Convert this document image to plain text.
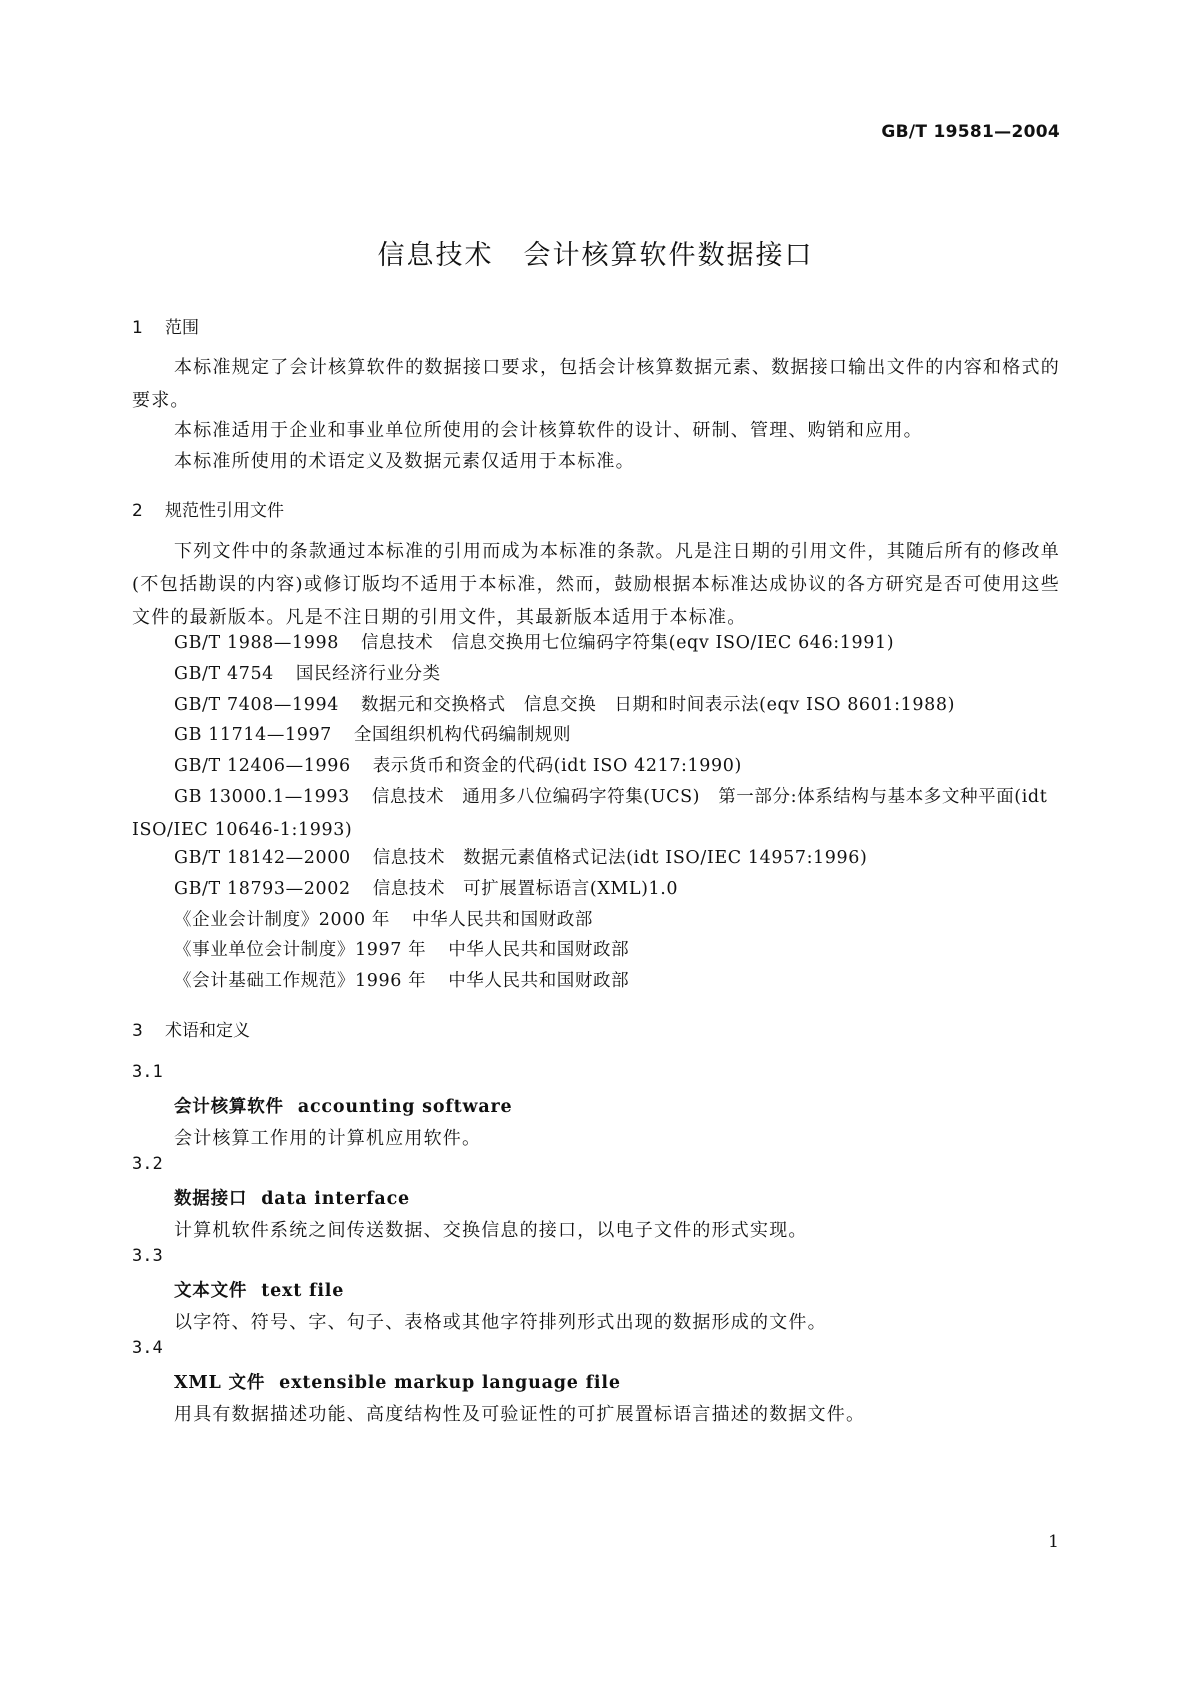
GB/T 19581—2004
信息技术 会计核算软件数据接口
1 范围
本标准规定了会计核算软件的数据接口要求，包括会计核算数据元素、数据接口输出文件的内容和格式的要求。
本标准适用于企业和事业单位所使用的会计核算软件的设计、研制、管理、购销和应用。
本标准所使用的术语定义及数据元素仅适用于本标准。
2 规范性引用文件
下列文件中的条款通过本标准的引用而成为本标准的条款。凡是注日期的引用文件，其随后所有的修改单(不包括勘误的内容)或修订版均不适用于本标准，然而，鼓励根据本标准达成协议的各方研究是否可使用这些文件的最新版本。凡是不注日期的引用文件，其最新版本适用于本标准。
GB/T 1988—1998 信息技术　信息交换用七位编码字符集(eqv ISO/IEC 646:1991)
GB/T 4754 国民经济行业分类
GB/T 7408—1994 数据元和交换格式　信息交换　日期和时间表示法(eqv ISO 8601:1988)
GB 11714—1997 全国组织机构代码编制规则
GB/T 12406—1996 表示货币和资金的代码(idt ISO 4217:1990)
GB 13000.1—1993 信息技术　通用多八位编码字符集(UCS)　第一部分:体系结构与基本多文种平面(idt ISO/IEC 10646-1:1993)
GB/T 18142—2000 信息技术　数据元素值格式记法(idt ISO/IEC 14957:1996)
GB/T 18793—2002 信息技术　可扩展置标语言(XML)1.0
《企业会计制度》2000 年 中华人民共和国财政部
《事业单位会计制度》1997 年 中华人民共和国财政部
《会计基础工作规范》1996 年 中华人民共和国财政部
3 术语和定义
3.1
会计核算软件 accounting software
会计核算工作用的计算机应用软件。
3.2
数据接口 data interface
计算机软件系统之间传送数据、交换信息的接口，以电子文件的形式实现。
3.3
文本文件 text file
以字符、符号、字、句子、表格或其他字符排列形式出现的数据形成的文件。
3.4
XML 文件 extensible markup language file
用具有数据描述功能、高度结构性及可验证性的可扩展置标语言描述的数据文件。
1
